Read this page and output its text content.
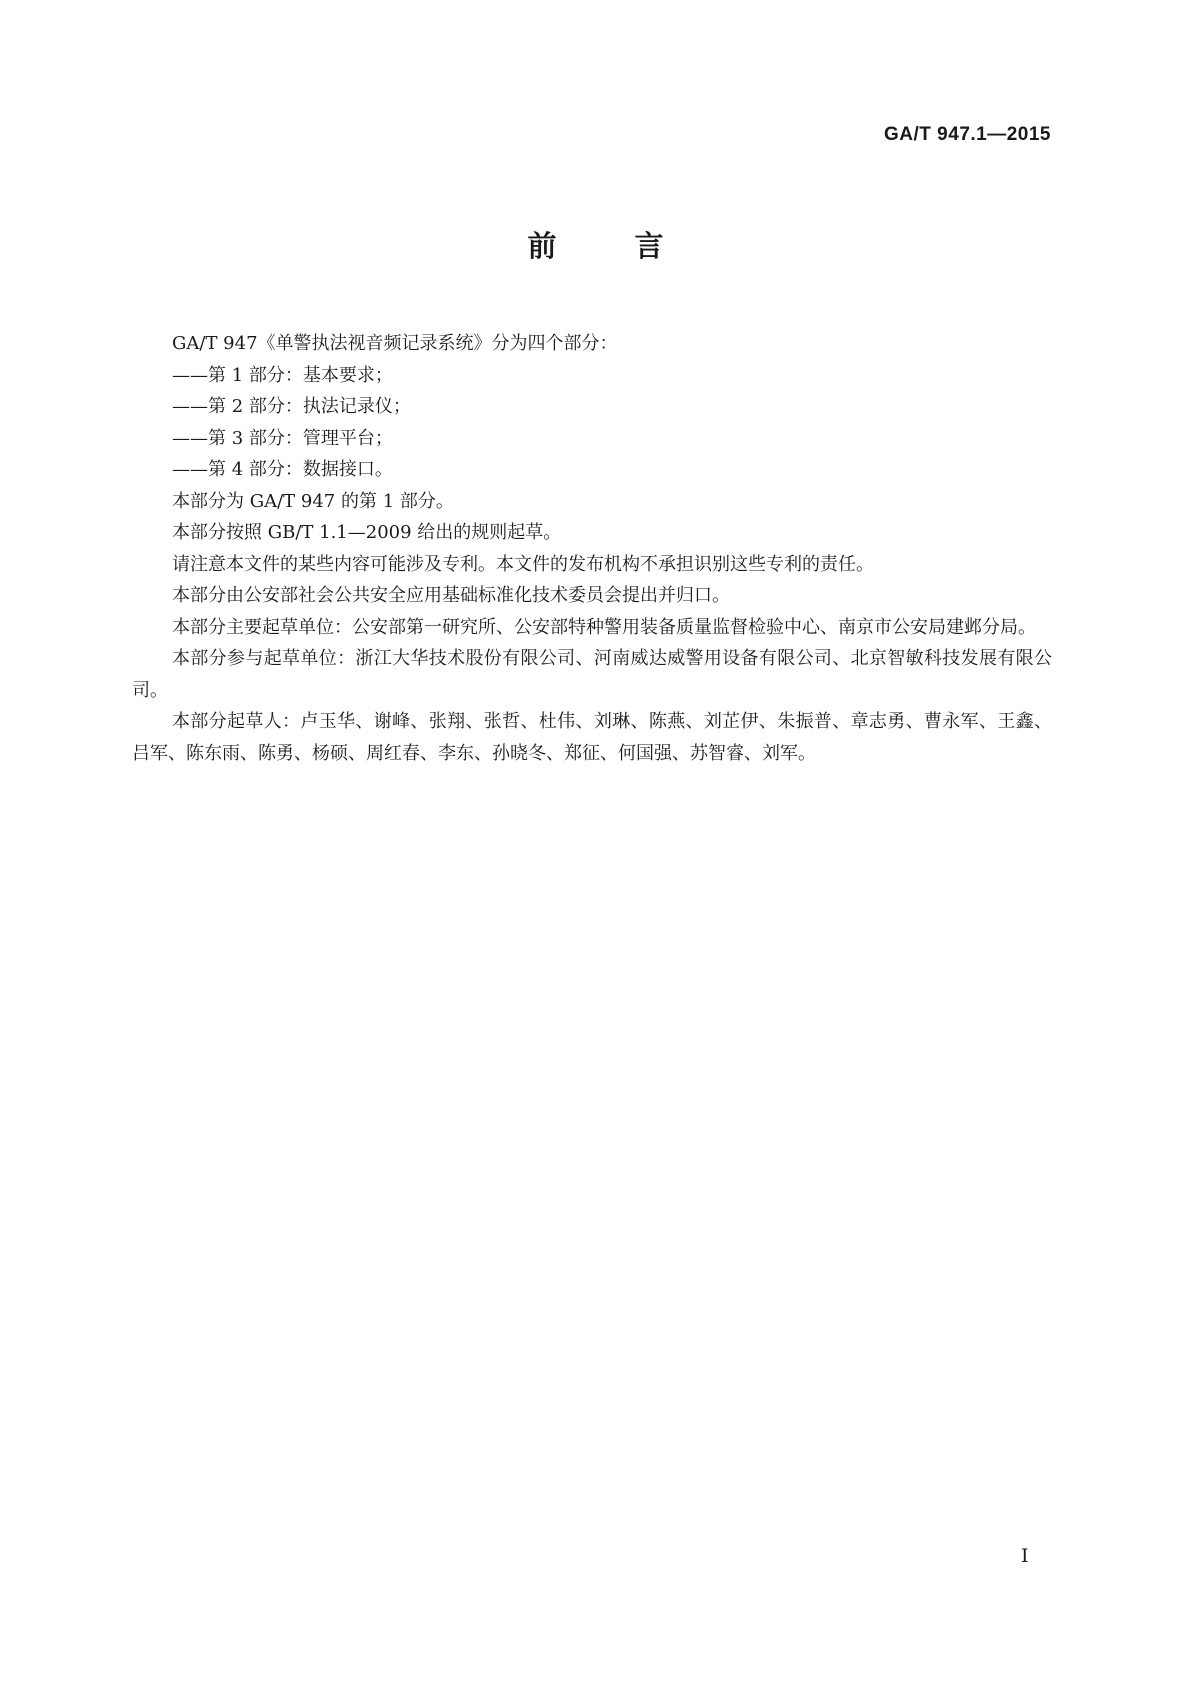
GA/T 947.1—2015
前 言

GA/T 947《单警执法视音频记录系统》分为四个部分：

——第 1 部分：基本要求；

——第 2 部分：执法记录仪；

——第 3 部分：管理平台；

——第 4 部分：数据接口。

本部分为 GA/T 947 的第 1 部分。

本部分按照 GB/T 1.1—2009 给出的规则起草。

请注意本文件的某些内容可能涉及专利。本文件的发布机构不承担识别这些专利的责任。

本部分由公安部社会公共安全应用基础标准化技术委员会提出并归口。

本部分主要起草单位：公安部第一研究所、公安部特种警用装备质量监督检验中心、南京市公安局建邺分局。

本部分参与起草单位：浙江大华技术股份有限公司、河南威达威警用设备有限公司、北京智敏科技发展有限公司。

本部分起草人：卢玉华、谢峰、张翔、张哲、杜伟、刘琳、陈燕、刘芷伊、朱振普、章志勇、曹永军、王鑫、吕军、陈东雨、陈勇、杨硕、周红春、李东、孙晓冬、郑征、何国强、苏智睿、刘军。

I
